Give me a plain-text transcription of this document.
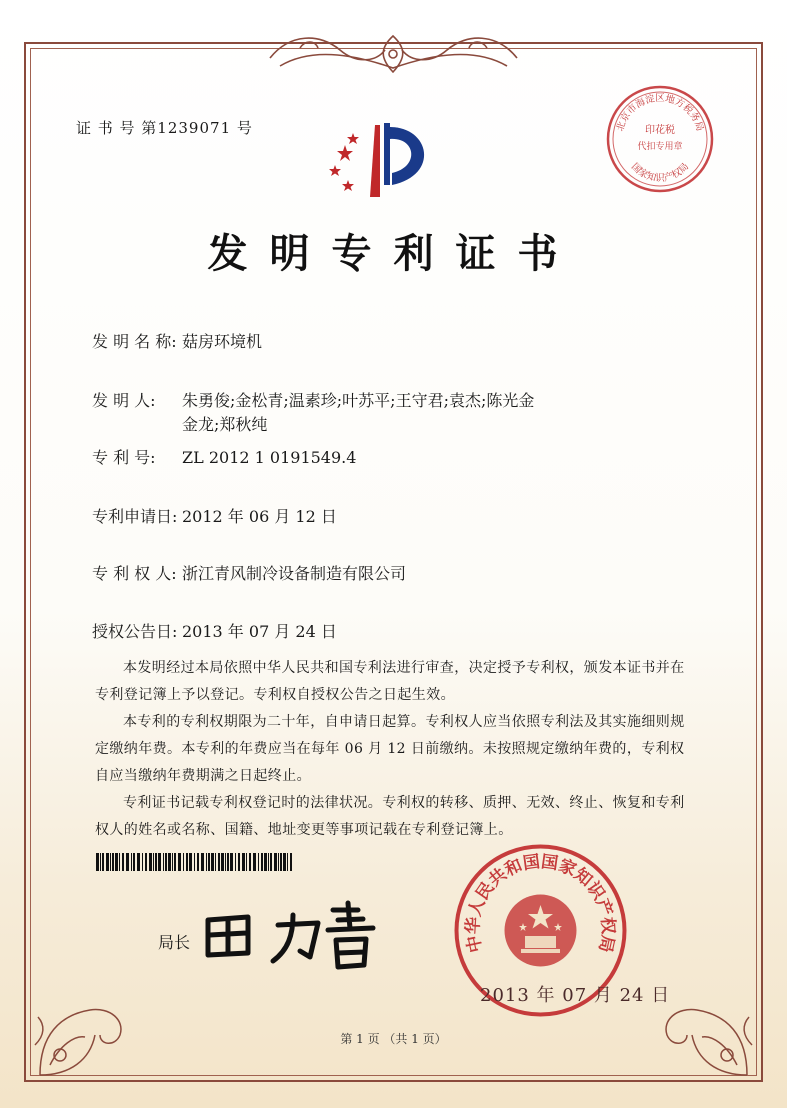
证 书 号 第1239071 号	北京市海淀区地方税务局
印花税
代扣专用章
国家知识产权局
发明专利证书
发 明 名 称: 菇房环境机
发 明 人:	朱勇俊;金松青;温素珍;叶苏平;王守君;袁杰;陈光金
金龙;郑秋纯
专 利 号:	ZL 2012 1 0191549.4
专利申请日: 2012 年 06 月 12 日
专 利 权 人: 浙江青风制冷设备制造有限公司
授权公告日: 2013 年 07 月 24 日

本发明经过本局依照中华人民共和国专利法进行审查，决定授予专利权，颁发本证书并在专利登记簿上予以登记。专利权自授权公告之日起生效。

本专利的专利权期限为二十年，自申请日起算。专利权人应当依照专利法及其实施细则规定缴纳年费。本专利的年费应当在每年 06 月 12 日前缴纳。未按照规定缴纳年费的，专利权自应当缴纳年费期满之日起终止。

专利证书记载专利权登记时的法律状况。专利权的转移、质押、无效、终止、恢复和专利权人的姓名或名称、国籍、地址变更等事项记载在专利登记簿上。

局长	中华人民共和国国家知识产权局
2013 年 07 月 24 日
第 1 页 （共 1 页）
